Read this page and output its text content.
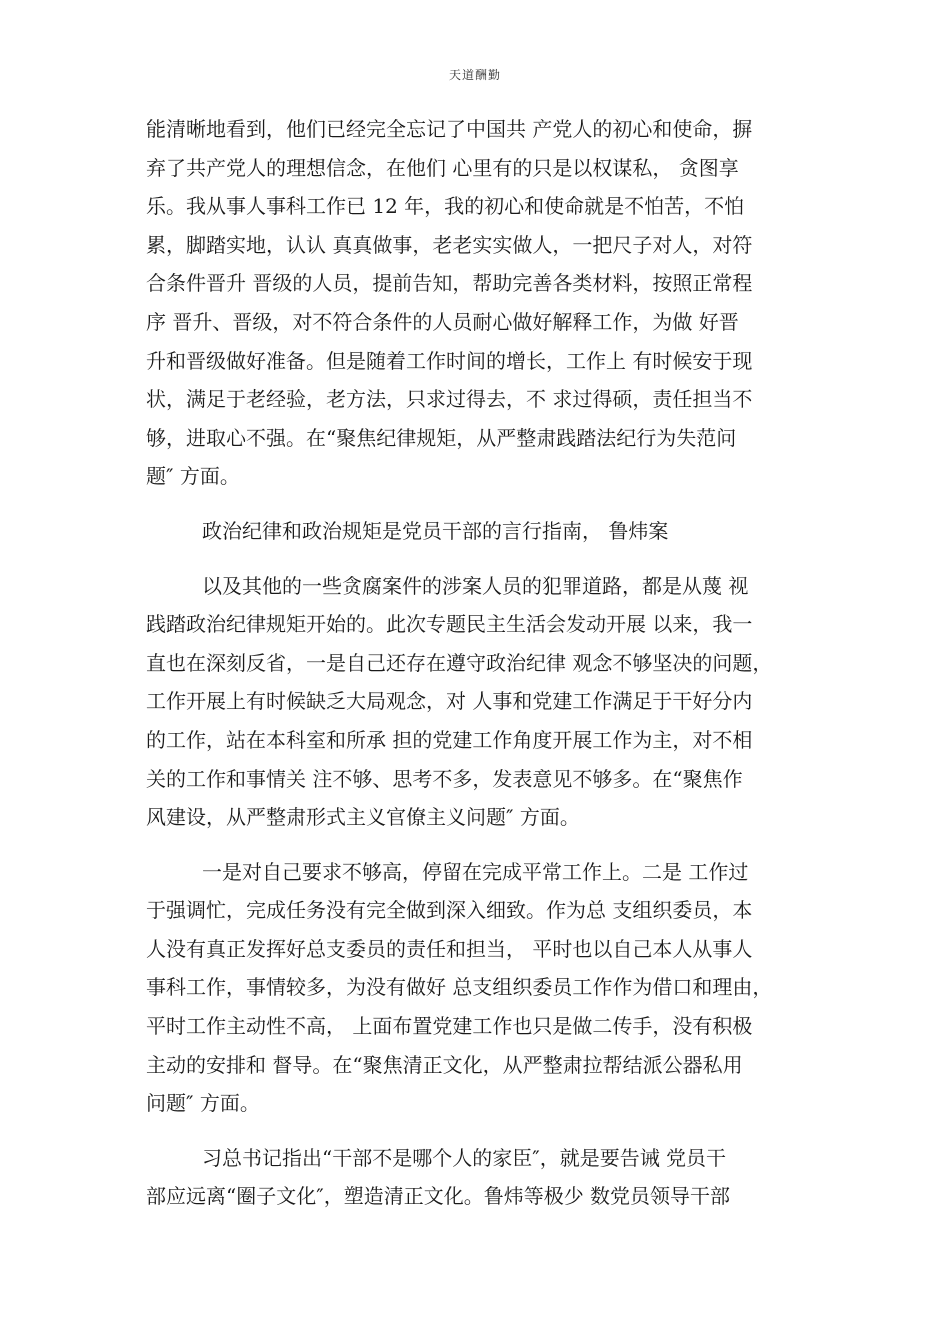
天道酬勤

能清晰地看到，他们已经完全忘记了中国共 产党人的初心和使命，摒
弃了共产党人的理想信念，在他们 心里有的只是以权谋私， 贪图享
乐。我从事人事科工作已 12 年，我的初心和使命就是不怕苦，不怕
累，脚踏实地，认认 真真做事，老老实实做人，一把尺子对人，对符
合条件晋升 晋级的人员，提前告知，帮助完善各类材料，按照正常程
序 晋升、晋级，对不符合条件的人员耐心做好解释工作，为做 好晋
升和晋级做好准备。但是随着工作时间的增长，工作上 有时候安于现
状，满足于老经验，老方法，只求过得去，不 求过得硕，责任担当不
够，进取心不强。在“聚焦纪律规矩，从严整肃践踏法纪行为失范问
题″ 方面。

政治纪律和政治规矩是党员干部的言行指南， 鲁炜案

以及其他的一些贪腐案件的涉案人员的犯罪道路，都是从蔑 视
践踏政治纪律规矩开始的。此次专题民主生活会发动开展 以来，我一
直也在深刻反省，一是自己还存在遵守政治纪律 观念不够坚决的问题，
工作开展上有时候缺乏大局观念，对 人事和党建工作满足于干好分内
的工作，站在本科室和所承 担的党建工作角度开展工作为主，对不相
关的工作和事情关 注不够、思考不多，发表意见不够多。在“聚焦作
风建设，从严整肃形式主义官僚主义问题″ 方面。

一是对自己要求不够高，停留在完成平常工作上。二是 工作过
于强调忙，完成任务没有完全做到深入细致。作为总 支组织委员，本
人没有真正发挥好总支委员的责任和担当， 平时也以自己本人从事人
事科工作，事情较多，为没有做好 总支组织委员工作作为借口和理由，
平时工作主动性不高， 上面布置党建工作也只是做二传手，没有积极
主动的安排和 督导。在“聚焦清正文化，从严整肃拉帮结派公器私用
问题″ 方面。

习总书记指出“干部不是哪个人的家臣″，就是要告诫 党员干
部应远离“圈子文化″，塑造清正文化。鲁炜等极少 数党员领导干部
